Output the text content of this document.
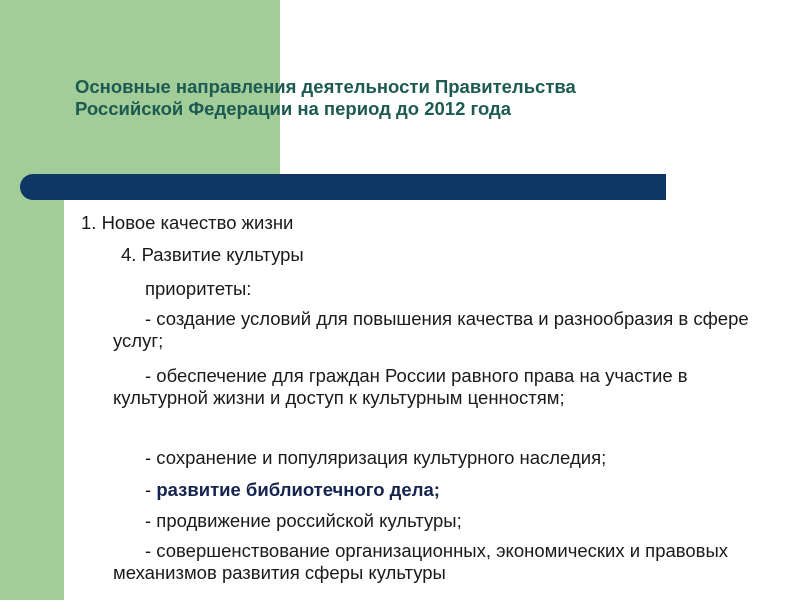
Основные направления деятельности Правительства
Российской Федерации на период до 2012 года
1. Новое качество жизни
4. Развитие культуры
приоритеты:
- создание условий для повышения качества и разнообразия в сфере услуг;
- обеспечение для граждан России равного права на участие в культурной жизни и доступ к культурным ценностям;
- сохранение и популяризация культурного наследия;
- развитие библиотечного дела;
- продвижение российской культуры;
- совершенствование организационных, экономических и правовых механизмов развития сферы культуры
